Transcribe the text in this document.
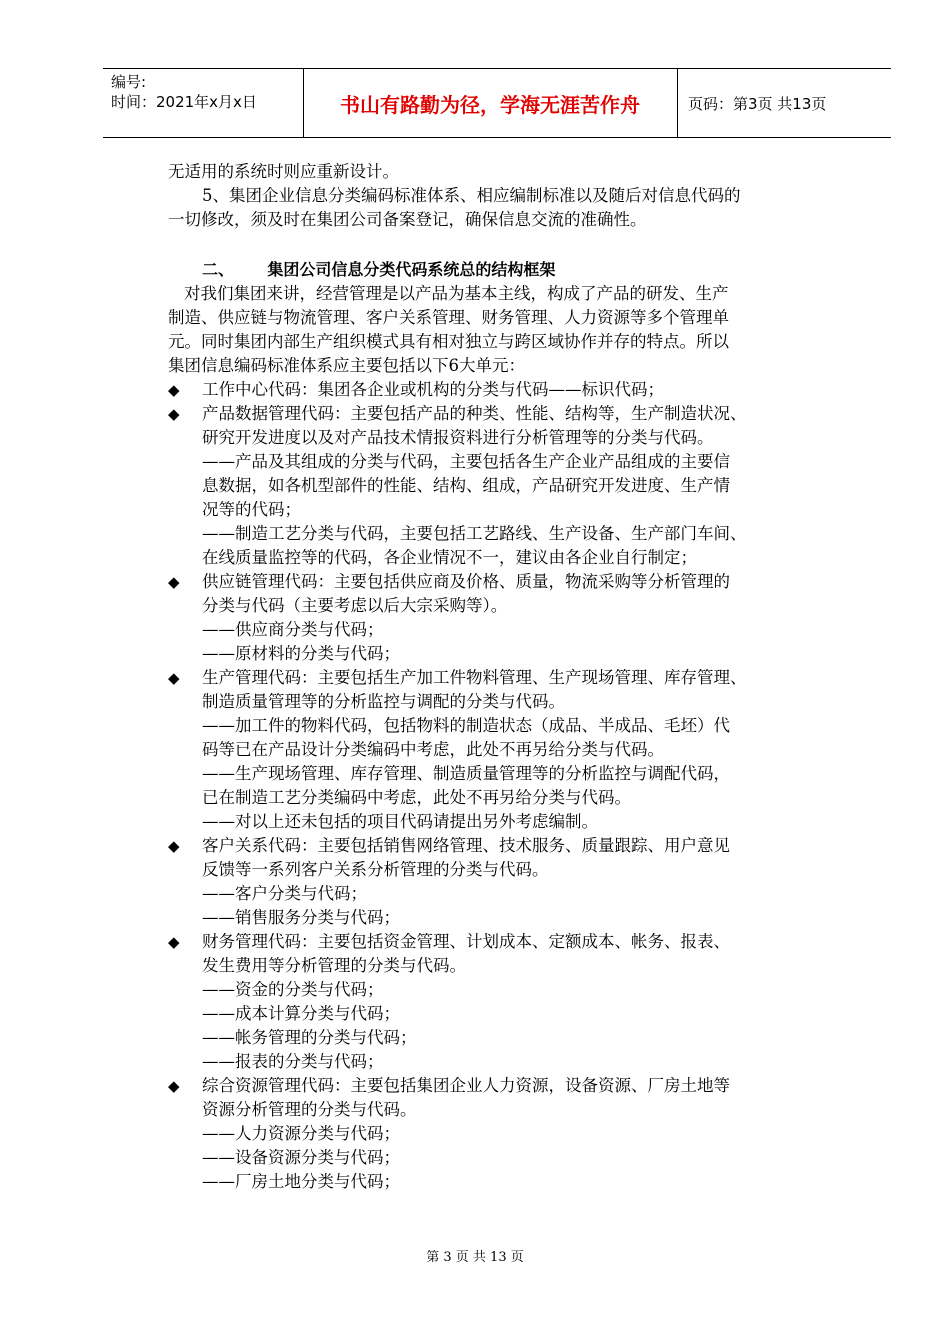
编号:
时间：2021年x月x日	书山有路勤为径，学海无涯苦作舟	页码：第3页 共13页
无适用的系统时则应重新设计。
5、集团企业信息分类编码标准体系、相应编制标准以及随后对信息代码的
一切修改，须及时在集团公司备案登记，确保信息交流的准确性。
二、      集团公司信息分类代码系统总的结构框架
对我们集团来讲，经营管理是以产品为基本主线，构成了产品的研发、生产
制造、供应链与物流管理、客户关系管理、财务管理、人力资源等多个管理单
元。同时集团内部生产组织模式具有相对独立与跨区域协作并存的特点。所以
集团信息编码标准体系应主要包括以下6大单元：
◆ 工作中心代码：集团各企业或机构的分类与代码——标识代码；
◆ 产品数据管理代码：主要包括产品的种类、性能、结构等，生产制造状况、
研究开发进度以及对产品技术情报资料进行分析管理等的分类与代码。
——产品及其组成的分类与代码，主要包括各生产企业产品组成的主要信
息数据，如各机型部件的性能、结构、组成，产品研究开发进度、生产情
况等的代码；
——制造工艺分类与代码，主要包括工艺路线、生产设备、生产部门车间、
在线质量监控等的代码，各企业情况不一，建议由各企业自行制定；
◆ 供应链管理代码：主要包括供应商及价格、质量，物流采购等分析管理的
分类与代码（主要考虑以后大宗采购等）。
——供应商分类与代码；
——原材料的分类与代码；
◆ 生产管理代码：主要包括生产加工件物料管理、生产现场管理、库存管理、
制造质量管理等的分析监控与调配的分类与代码。
——加工件的物料代码，包括物料的制造状态（成品、半成品、毛坯）代
码等已在产品设计分类编码中考虑，此处不再另给分类与代码。
——生产现场管理、库存管理、制造质量管理等的分析监控与调配代码，
已在制造工艺分类编码中考虑，此处不再另给分类与代码。
——对以上还未包括的项目代码请提出另外考虑编制。
◆ 客户关系代码：主要包括销售网络管理、技术服务、质量跟踪、用户意见
反馈等一系列客户关系分析管理的分类与代码。
——客户分类与代码；
——销售服务分类与代码；
◆ 财务管理代码：主要包括资金管理、计划成本、定额成本、帐务、报表、
发生费用等分析管理的分类与代码。
——资金的分类与代码；
——成本计算分类与代码；
——帐务管理的分类与代码；
——报表的分类与代码；
◆ 综合资源管理代码：主要包括集团企业人力资源，设备资源、厂房土地等
资源分析管理的分类与代码。
——人力资源分类与代码；
——设备资源分类与代码；
——厂房土地分类与代码；
第 3 页 共 13 页
